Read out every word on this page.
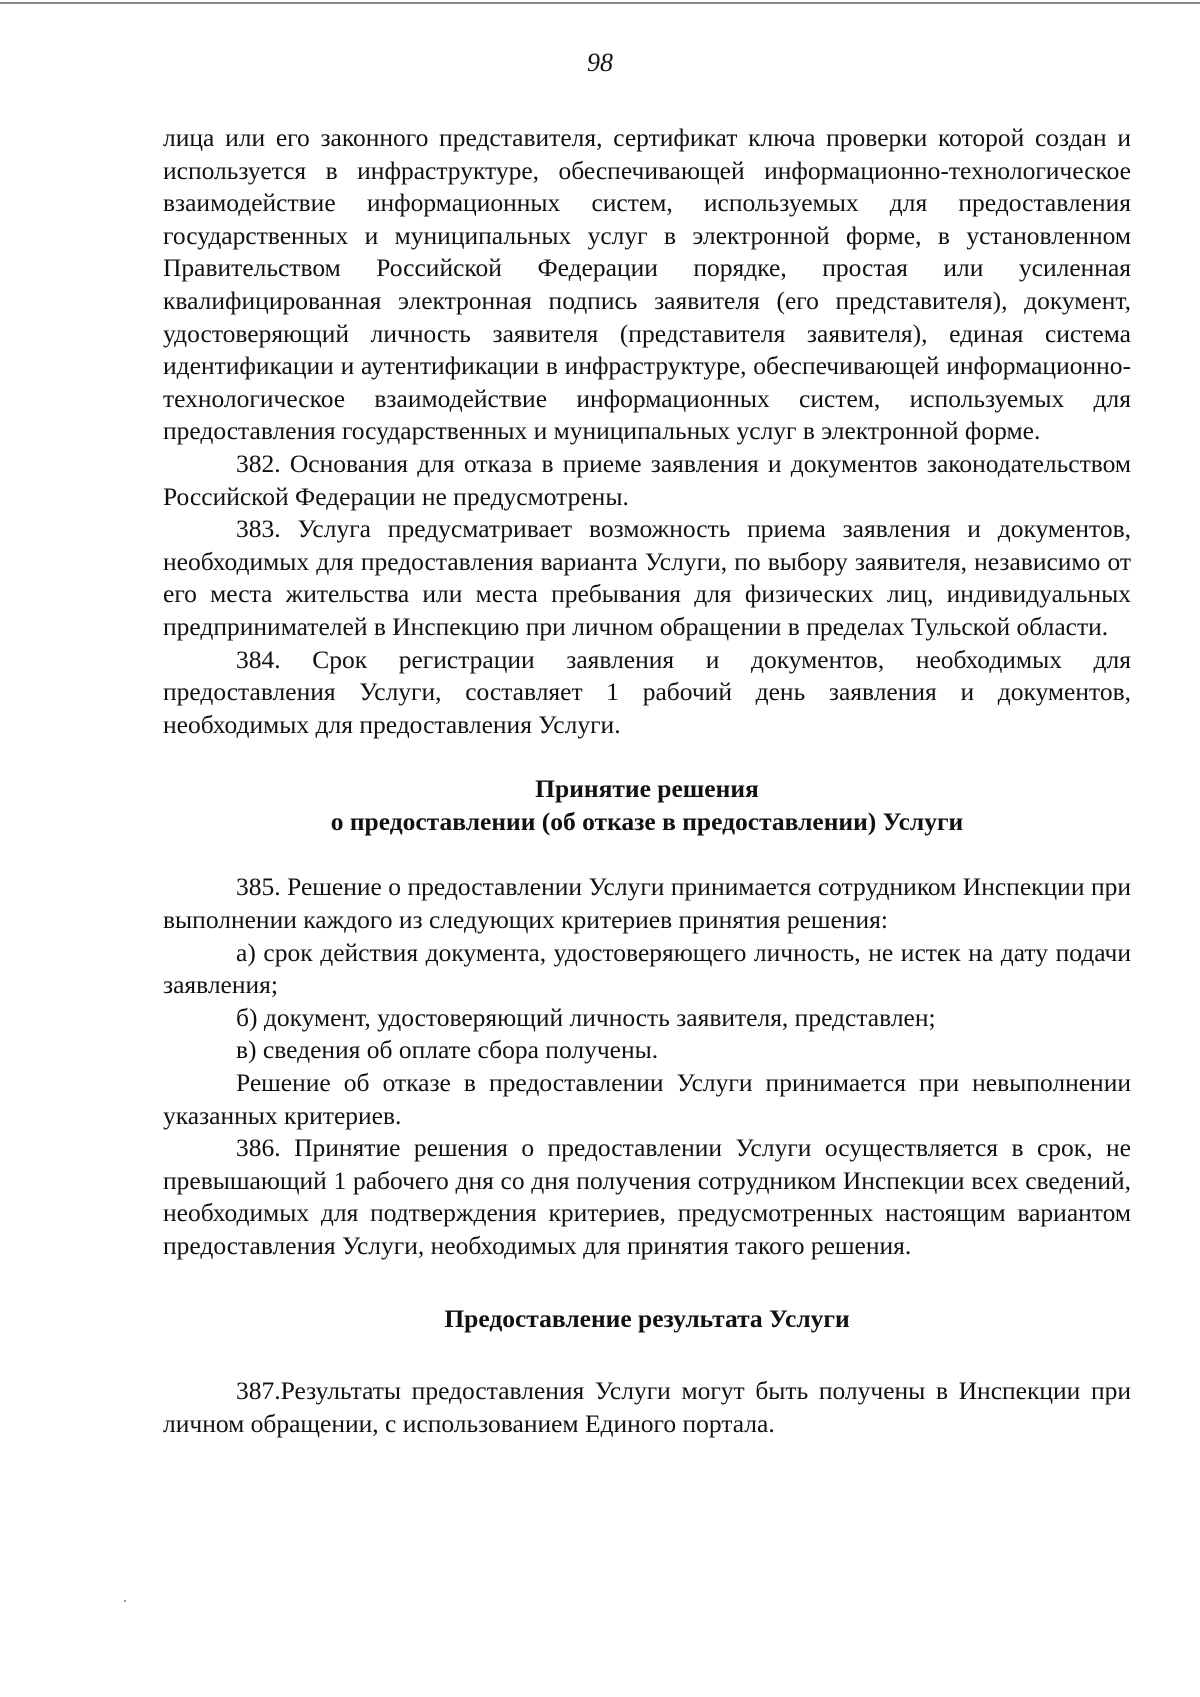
98

лица или его законного представителя, сертификат ключа проверки которой создан и используется в инфраструктуре, обеспечивающей информационно-технологическое взаимодействие информационных систем, используемых для предоставления государственных и муниципальных услуг в электронной форме, в установленном Правительством Российской Федерации порядке, простая или усиленная квалифицированная электронная подпись заявителя (его представителя), документ, удостоверяющий личность заявителя (представителя заявителя), единая система идентификации и аутентификации в инфраструктуре, обеспечивающей информационно-технологическое взаимодействие информационных систем, используемых для предоставления государственных и муниципальных услуг в электронной форме.

382. Основания для отказа в приеме заявления и документов законодательством Российской Федерации не предусмотрены.

383. Услуга предусматривает возможность приема заявления и документов, необходимых для предоставления варианта Услуги, по выбору заявителя, независимо от его места жительства или места пребывания для физических лиц, индивидуальных предпринимателей в Инспекцию при личном обращении в пределах Тульской области.

384. Срок регистрации заявления и документов, необходимых для предоставления Услуги, составляет 1 рабочий день заявления и документов, необходимых для предоставления Услуги.

Принятие решения

о предоставлении (об отказе в предоставлении) Услуги

385. Решение о предоставлении Услуги принимается сотрудником Инспекции при выполнении каждого из следующих критериев принятия решения:

а) срок действия документа, удостоверяющего личность, не истек на дату подачи заявления;

б) документ, удостоверяющий личность заявителя, представлен;

в) сведения об оплате сбора получены.

Решение об отказе в предоставлении Услуги принимается при невыполнении указанных критериев.

386. Принятие решения о предоставлении Услуги осуществляется в срок, не превышающий 1 рабочего дня со дня получения сотрудником Инспекции всех сведений, необходимых для подтверждения критериев, предусмотренных настоящим вариантом предоставления Услуги, необходимых для принятия такого решения.

Предоставление результата Услуги

387.Результаты предоставления Услуги могут быть получены в Инспекции при личном обращении, с использованием Единого портала.
